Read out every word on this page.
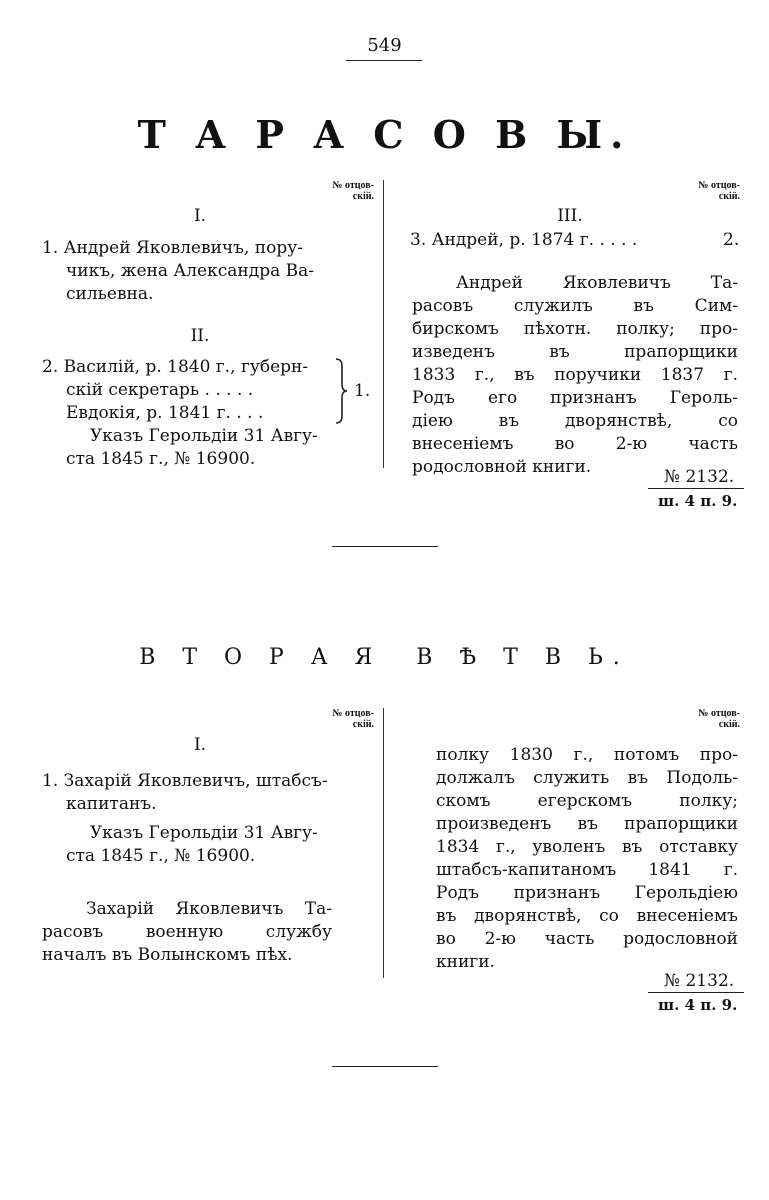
549
Т А Р А С О В Ы.
№ отцов-
скій.
№ отцов-
скій.
I.
1. Андрей Яковлевичъ, пору-
чикъ, жена Александра Ва-
сильевна.
II.
2. Василій, р. 1840 г., губерн-
скій секретарь . . . . .
Евдокія, р. 1841 г. . . .
1.
Указъ Герольдіи 31 Авгу-
ста 1845 г., № 16900.
III.
3. Андрей, р. 1874 г. . . . .	2.
Андрей Яковлевичъ Та-
расовъ служилъ въ Сим-
бирскомъ пѣхотн. полку; про-
изведенъ въ прапорщики
1833 г., въ поручики 1837 г.
Родъ его признанъ Героль-
діею въ дворянствѣ, со
внесеніемъ во 2-ю часть
родословной книги.	№ 2132.
ш. 4 п. 9.
В Т О Р А Я  В Ѣ Т В Ь.
№ отцов-
скій.
№ отцов-
скій.
I.
1. Захарій Яковлевичъ, штабсъ-
капитанъ.
Указъ Герольдіи 31 Авгу-
ста 1845 г., № 16900.
Захарій Яковлевичъ Та-
расовъ военную службу
началъ въ Волынскомъ пѣх.
полку 1830 г., потомъ про-
должалъ служить въ Подоль-
скомъ егерскомъ полку;
произведенъ въ прапорщики
1834 г., уволенъ въ отставку
штабсъ-капитаномъ 1841 г.
Родъ признанъ Герольдіею
въ дворянствѣ, со внесеніемъ
во 2-ю часть родословной
книги.
№ 2132.
ш. 4 п. 9.
